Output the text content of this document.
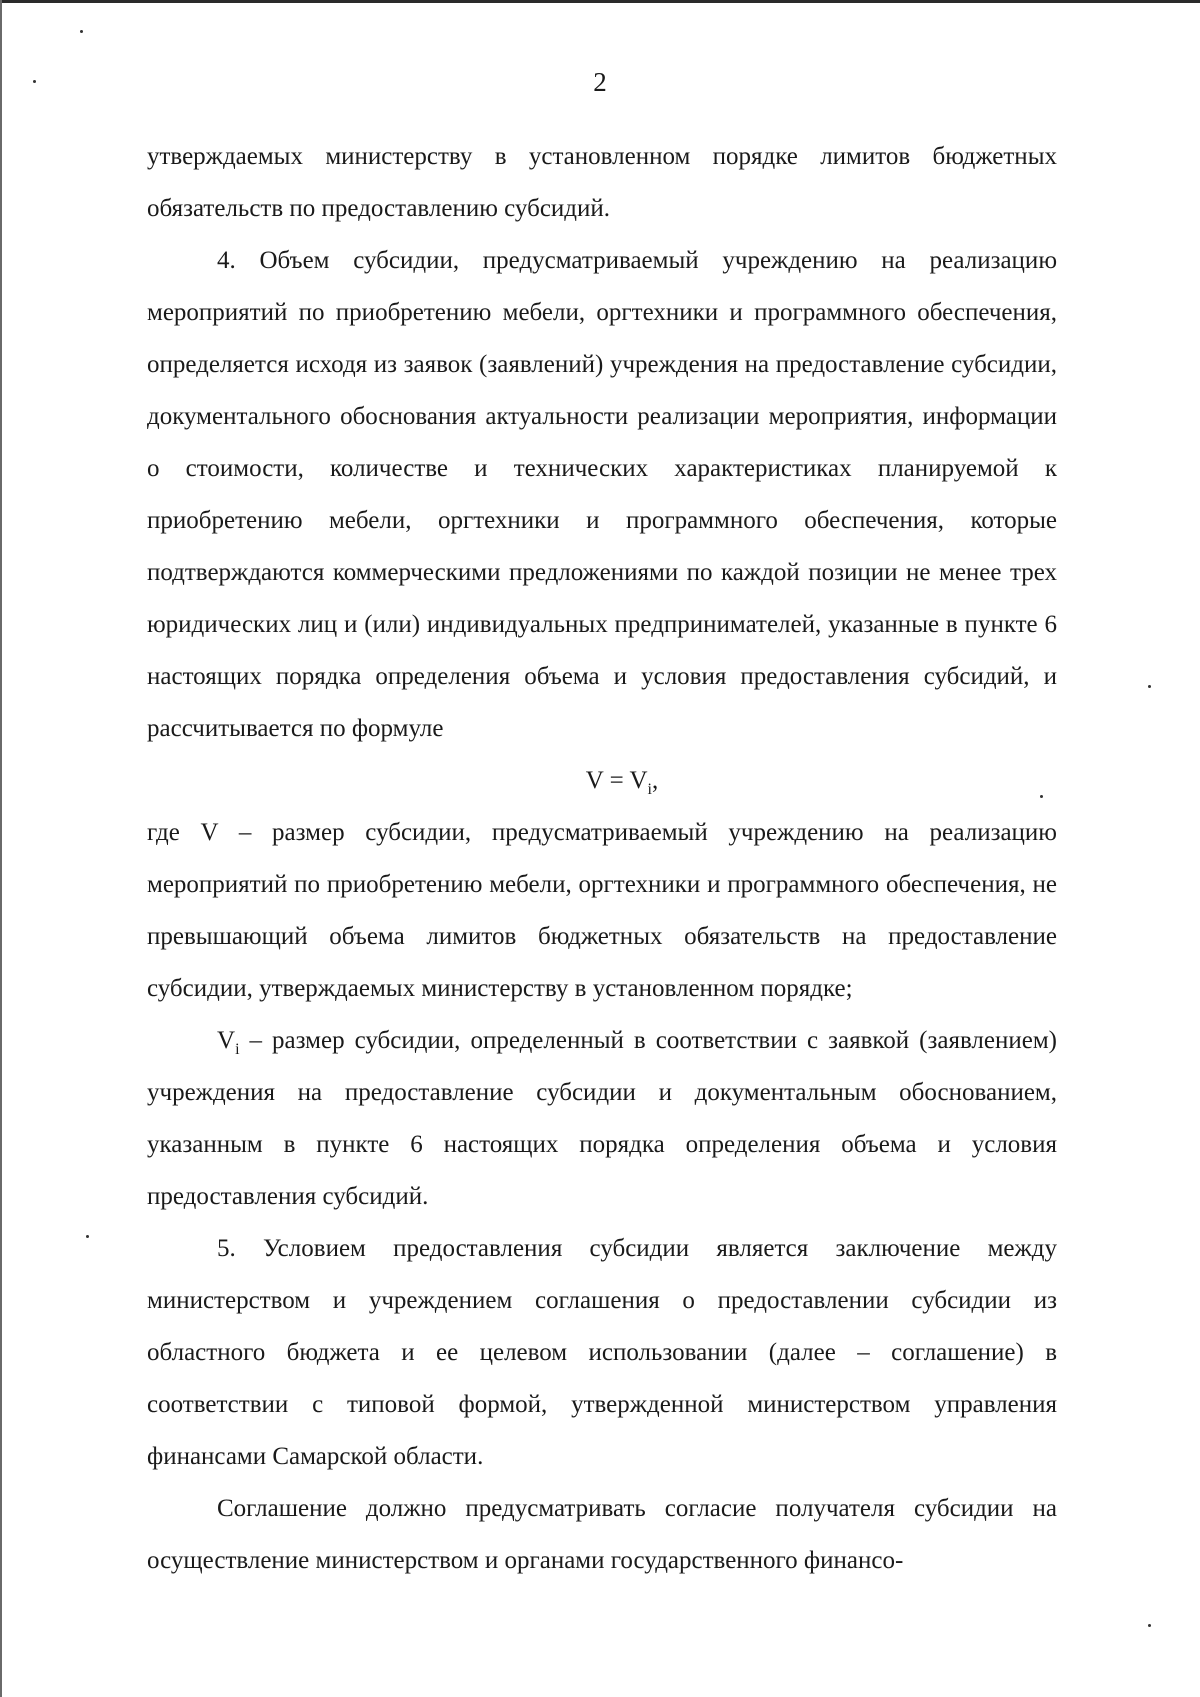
2

утверждаемых министерству в установленном порядке лимитов бюджетных обязательств по предоставлению субсидий.

4. Объем субсидии, предусматриваемый учреждению на реализацию мероприятий по приобретению мебели, оргтехники и программного обеспечения, определяется исходя из заявок (заявлений) учреждения на предоставление субсидии, документального обоснования актуальности реализации мероприятия, информации о стоимости, количестве и технических характеристиках планируемой к приобретению мебели, оргтехники и программного обеспечения, которые подтверждаются коммерческими предложениями по каждой позиции не менее трех юридических лиц и (или) индивидуальных предпринимателей, указанные в пункте 6 настоящих порядка определения объема и условия предоставления субсидий, и рассчитывается по формуле

$V = V_i$,

где V – размер субсидии, предусматриваемый учреждению на реализацию мероприятий по приобретению мебели, оргтехники и программного обеспечения, не превышающий объема лимитов бюджетных обязательств на предоставление субсидии, утверждаемых министерству в установленном порядке;

$V_i$ – размер субсидии, определенный в соответствии с заявкой (заявлением) учреждения на предоставление субсидии и документальным обоснованием, указанным в пункте 6 настоящих порядка определения объема и условия предоставления субсидий.

5. Условием предоставления субсидии является заключение между министерством и учреждением соглашения о предоставлении субсидии из областного бюджета и ее целевом использовании (далее – соглашение) в соответствии с типовой формой, утвержденной министерством управления финансами Самарской области.

Соглашение должно предусматривать согласие получателя субсидии на осуществление министерством и органами государственного финансо-
